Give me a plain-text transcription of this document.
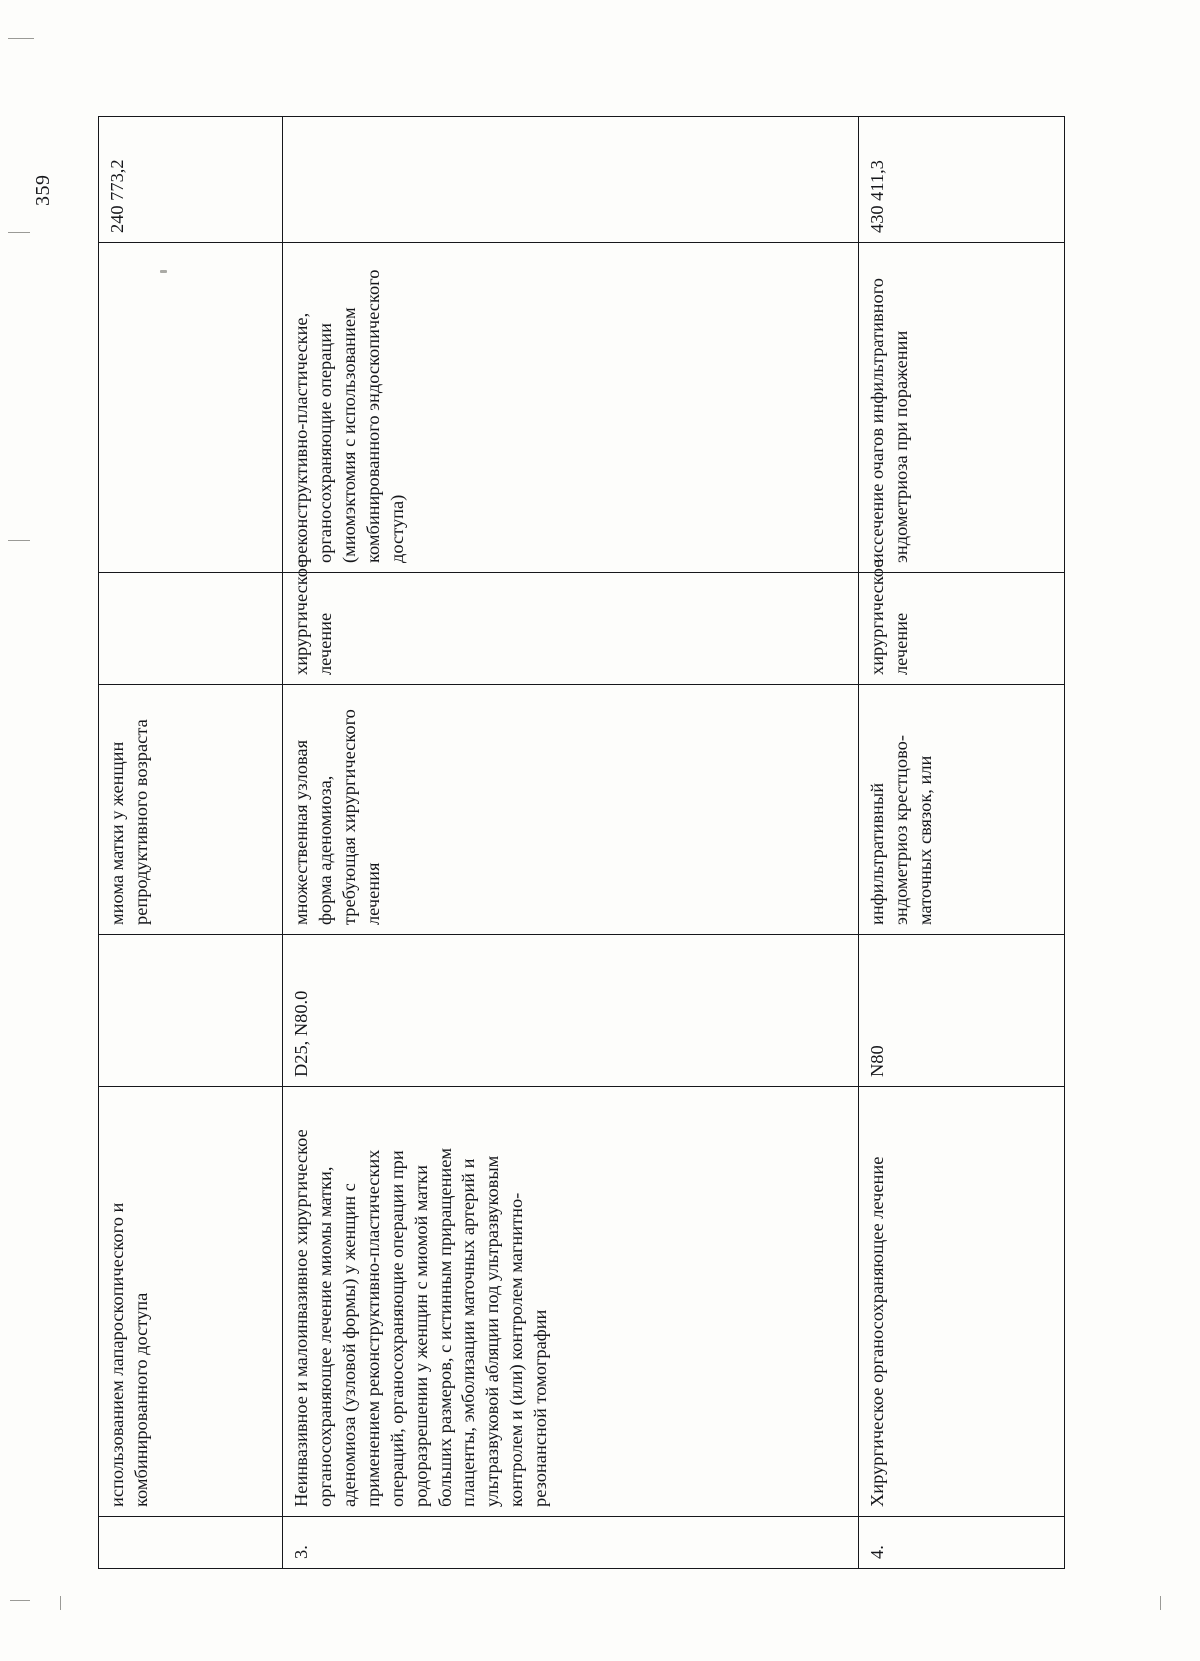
359
	использованием лапароскопического и комбинированного доступа		миома матки у женщин репродуктивного возраста			240 773,2
3.	Неинвазивное и малоинвазивное хирургическое органосохраняющее лечение миомы матки, аденомиоза (узловой формы) у женщин с применением реконструктивно-пластических операций, органосохраняющие операции при родоразрешении у женщин с миомой матки больших размеров, с истинным приращением плаценты, эмболизации маточных артерий и ультразвуковой абляции под ультразвуковым контролем и (или) контролем магнитно-резонансной томографии	D25, N80.0	множественная узловая форма аденомиоза, требующая хирургического лечения	хирургическое лечение	реконструктивно-пластические, органосохраняющие операции (миомэктомия с использованием комбинированного эндоскопического доступа)	
4.	Хирургическое органосохраняющее лечение	N80	инфильтративный эндометриоз крестцово-маточных связок, или	хирургическое лечение	иссечение очагов инфильтративного эндометриоза при поражении	430 411,3
